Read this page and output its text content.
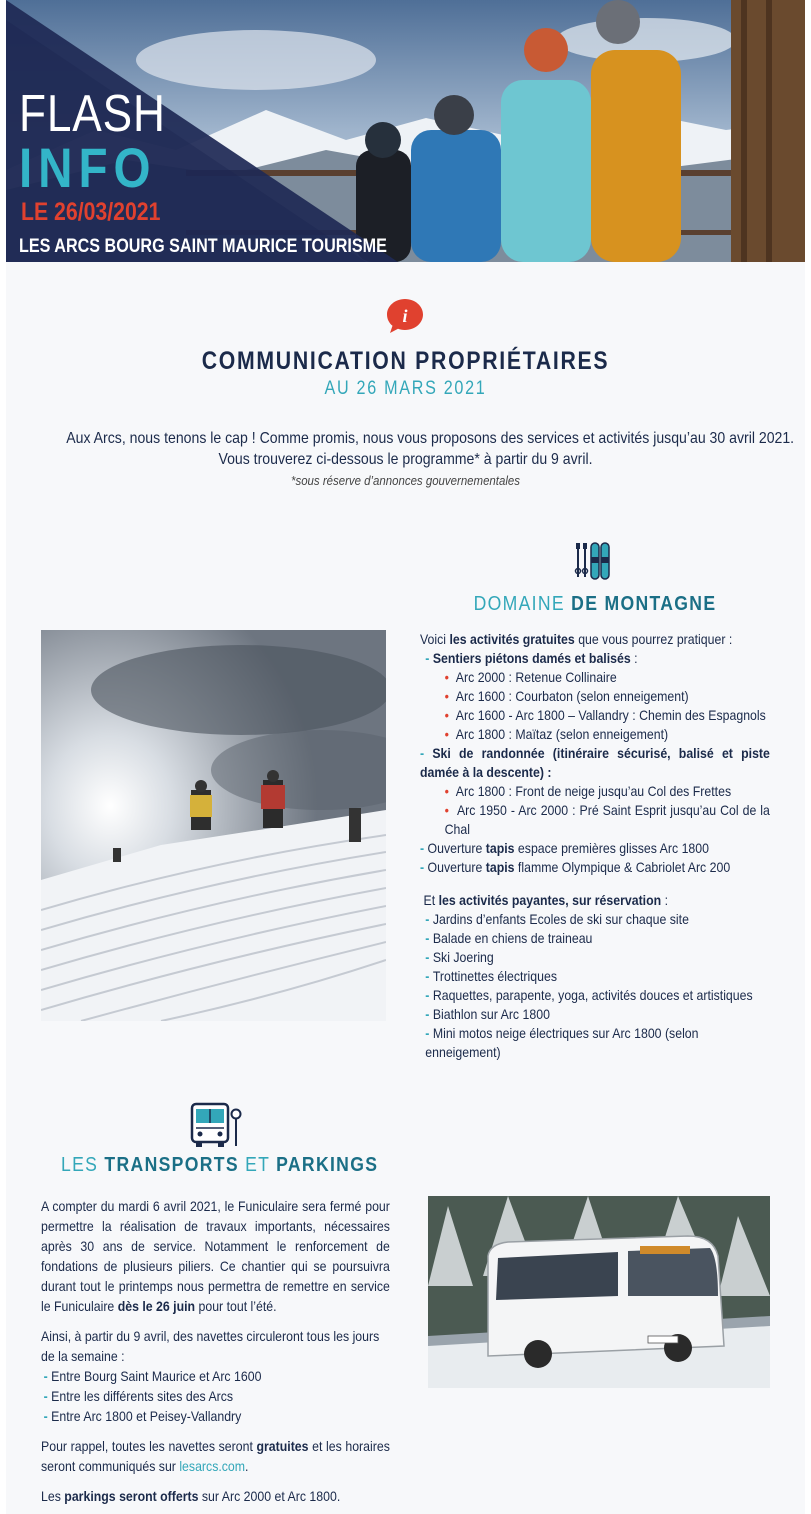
FLASH
INFO
LE 26/03/2021
LES ARCS BOURG SAINT MAURICE TOURISME
i
COMMUNICATION PROPRIÉTAIRES
AU 26 MARS 2021
Aux Arcs, nous tenons le cap ! Comme promis, nous vous proposons des services et activités jusqu’au 30 avril 2021.
Vous trouverez ci-dessous le programme* à partir du 9 avril.
*sous réserve d’annonces gouvernementales
DOMAINE DE MONTAGNE
Voici les activités gratuites que vous pourrez pratiquer :
- Sentiers piétons damés et balisés :
• Arc 2000 : Retenue Collinaire
• Arc 1600 : Courbaton (selon enneigement)
• Arc 1600 - Arc 1800 – Vallandry : Chemin des Espagnols
• Arc 1800 : Maïtaz (selon enneigement)
- Ski de randonnée (itinéraire sécurisé, balisé et piste damée à la descente) :
• Arc 1800 : Front de neige jusqu’au Col des Frettes
• Arc 1950 - Arc 2000 : Pré Saint Esprit jusqu’au Col de la Chal
- Ouverture tapis espace premières glisses Arc 1800
- Ouverture tapis flamme Olympique & Cabriolet Arc 200
Et les activités payantes, sur réservation :
- Jardins d’enfants Ecoles de ski sur chaque site
- Balade en chiens de traineau
- Ski Joering
- Trottinettes électriques
- Raquettes, parapente, yoga, activités douces et artistiques
- Biathlon sur Arc 1800
- Mini motos neige électriques sur Arc 1800 (selon enneigement)
LES TRANSPORTS ET PARKINGS

A compter du mardi 6 avril 2021, le Funiculaire sera fermé pour permettre la réalisation de travaux importants, nécessaires après 30 ans de service. Notamment le renforcement de fondations de plusieurs piliers. Ce chantier qui se poursuivra durant tout le printemps nous permettra de remettre en service le Funiculaire dès le 26 juin pour tout l’été.

Ainsi, à partir du 9 avril, des navettes circuleront tous les jours de la semaine :

- Entre Bourg Saint Maurice et Arc 1600
- Entre les différents sites des Arcs
- Entre Arc 1800 et Peisey-Vallandry

Pour rappel, toutes les navettes seront gratuites et les horaires seront communiqués sur lesarcs.com.

Les parkings seront offerts sur Arc 2000 et Arc 1800.
